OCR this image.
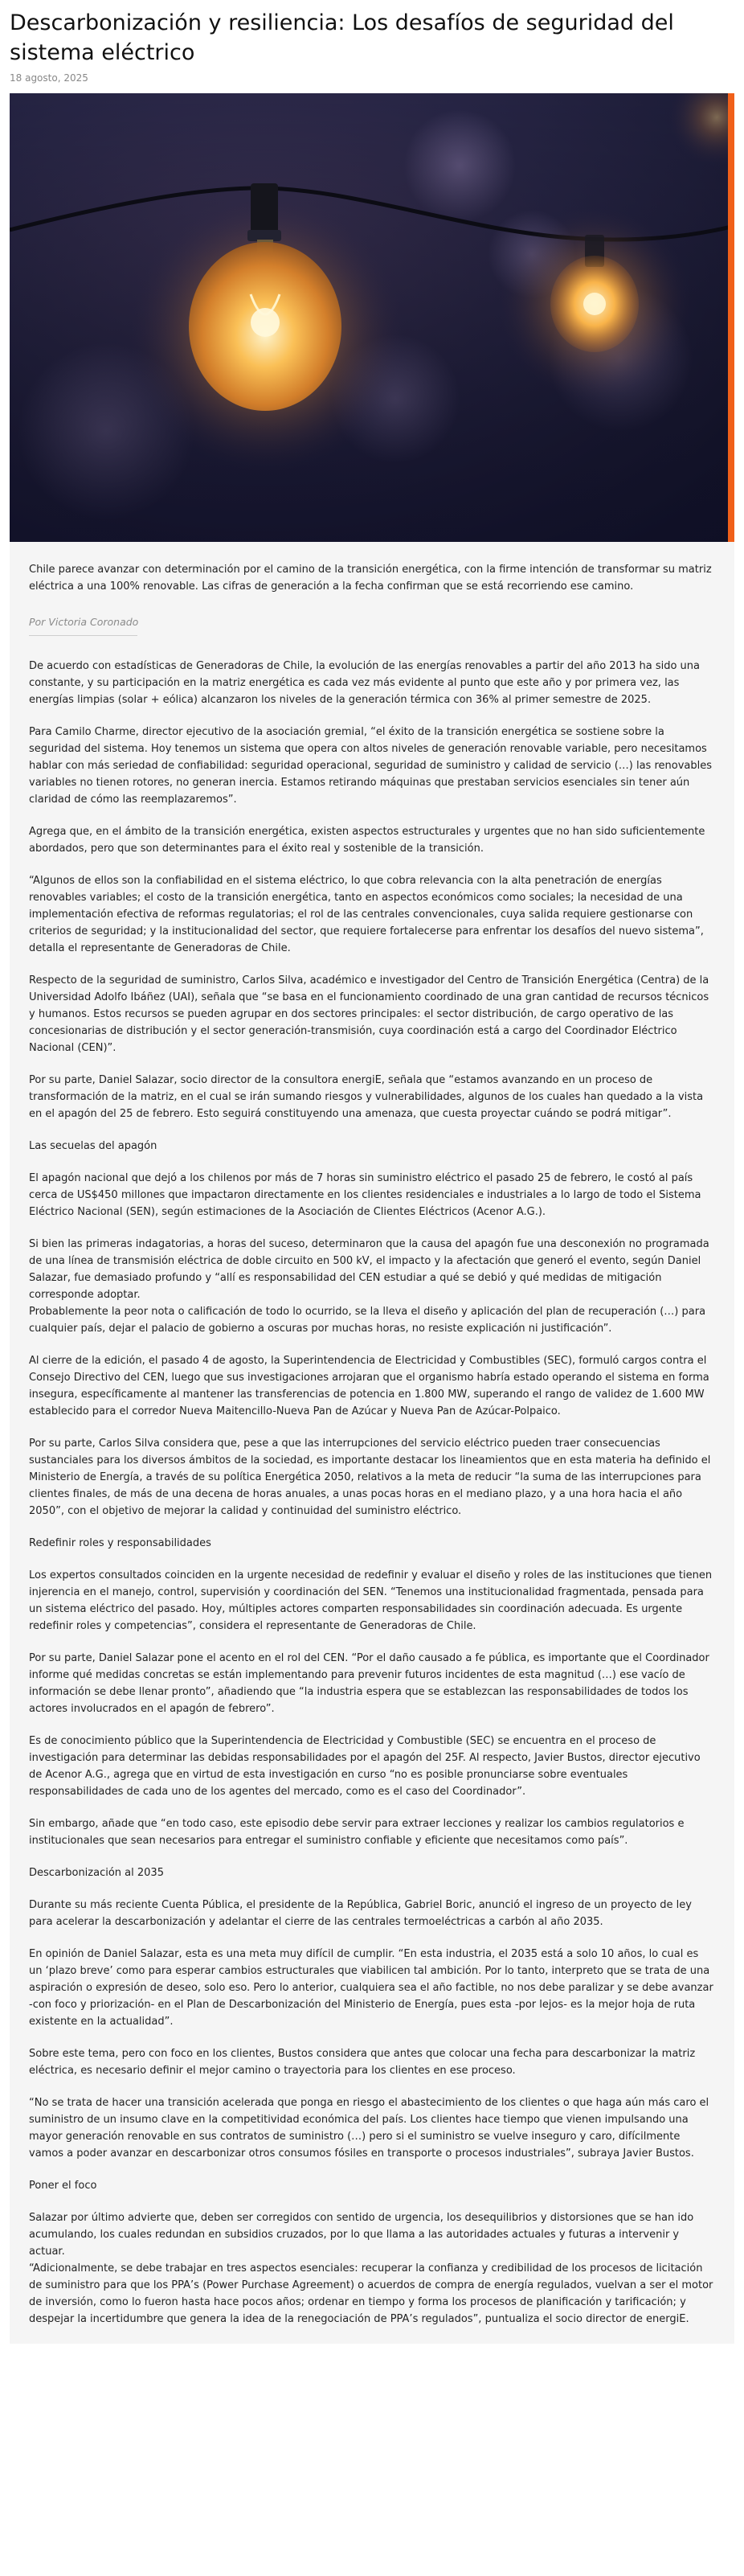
Descarbonización y resiliencia: Los desafíos de seguridad del sistema eléctrico
18 agosto, 2025

Chile parece avanzar con determinación por el camino de la transición energética, con la firme intención de transformar su matriz eléctrica a una 100% renovable. Las cifras de generación a la fecha confirman que se está recorriendo ese camino.

Por Victoria Coronado

De acuerdo con estadísticas de Generadoras de Chile, la evolución de las energías renovables a partir del año 2013 ha sido una constante, y su participación en la matriz energética es cada vez más evidente al punto que este año y por primera vez, las energías limpias (solar + eólica) alcanzaron los niveles de la generación térmica con 36% al primer semestre de 2025.

Para Camilo Charme, director ejecutivo de la asociación gremial, “el éxito de la transición energética se sostiene sobre la seguridad del sistema. Hoy tenemos un sistema que opera con altos niveles de generación renovable variable, pero necesitamos hablar con más seriedad de confiabilidad: seguridad operacional, seguridad de suministro y calidad de servicio (…) las renovables variables no tienen rotores, no generan inercia. Estamos retirando máquinas que prestaban servicios esenciales sin tener aún claridad de cómo las reemplazaremos”.

Agrega que, en el ámbito de la transición energética, existen aspectos estructurales y urgentes que no han sido suficientemente abordados, pero que son determinantes para el éxito real y sostenible de la transición.

“Algunos de ellos son la confiabilidad en el sistema eléctrico, lo que cobra relevancia con la alta penetración de energías renovables variables; el costo de la transición energética, tanto en aspectos económicos como sociales; la necesidad de una implementación efectiva de reformas regulatorias; el rol de las centrales convencionales, cuya salida requiere gestionarse con criterios de seguridad; y la institucionalidad del sector, que requiere fortalecerse para enfrentar los desafíos del nuevo sistema”, detalla el representante de Generadoras de Chile.

Respecto de la seguridad de suministro, Carlos Silva, académico e investigador del Centro de Transición Energética (Centra) de la Universidad Adolfo Ibáñez (UAI), señala que “se basa en el funcionamiento coordinado de una gran cantidad de recursos técnicos y humanos. Estos recursos se pueden agrupar en dos sectores principales: el sector distribución, de cargo operativo de las concesionarias de distribución y el sector generación-transmisión, cuya coordinación está a cargo del Coordinador Eléctrico Nacional (CEN)”.

Por su parte, Daniel Salazar, socio director de la consultora energiE, señala que “estamos avanzando en un proceso de transformación de la matriz, en el cual se irán sumando riesgos y vulnerabilidades, algunos de los cuales han quedado a la vista en el apagón del 25 de febrero. Esto seguirá constituyendo una amenaza, que cuesta proyectar cuándo se podrá mitigar”.

Las secuelas del apagón

El apagón nacional que dejó a los chilenos por más de 7 horas sin suministro eléctrico el pasado 25 de febrero, le costó al país cerca de US$450 millones que impactaron directamente en los clientes residenciales e industriales a lo largo de todo el Sistema Eléctrico Nacional (SEN), según estimaciones de la Asociación de Clientes Eléctricos (Acenor A.G.).

Si bien las primeras indagatorias, a horas del suceso, determinaron que la causa del apagón fue una desconexión no programada de una línea de transmisión eléctrica de doble circuito en 500 kV, el impacto y la afectación que generó el evento, según Daniel Salazar, fue demasiado profundo y “allí es responsabilidad del CEN estudiar a qué se debió y qué medidas de mitigación corresponde adoptar.

Probablemente la peor nota o calificación de todo lo ocurrido, se la lleva el diseño y aplicación del plan de recuperación (…) para cualquier país, dejar el palacio de gobierno a oscuras por muchas horas, no resiste explicación ni justificación”.

Al cierre de la edición, el pasado 4 de agosto, la Superintendencia de Electricidad y Combustibles (SEC), formuló cargos contra el Consejo Directivo del CEN, luego que sus investigaciones arrojaran que el organismo habría estado operando el sistema en forma insegura, específicamente al mantener las transferencias de potencia en 1.800 MW, superando el rango de validez de 1.600 MW establecido para el corredor Nueva Maitencillo-Nueva Pan de Azúcar y Nueva Pan de Azúcar-Polpaico.

Por su parte, Carlos Silva considera que, pese a que las interrupciones del servicio eléctrico pueden traer consecuencias sustanciales para los diversos ámbitos de la sociedad, es importante destacar los lineamientos que en esta materia ha definido el Ministerio de Energía, a través de su política Energética 2050, relativos a la meta de reducir “la suma de las interrupciones para clientes finales, de más de una decena de horas anuales, a unas pocas horas en el mediano plazo, y a una hora hacia el año 2050”, con el objetivo de mejorar la calidad y continuidad del suministro eléctrico.

Redefinir roles y responsabilidades

Los expertos consultados coinciden en la urgente necesidad de redefinir y evaluar el diseño y roles de las instituciones que tienen injerencia en el manejo, control, supervisión y coordinación del SEN. “Tenemos una institucionalidad fragmentada, pensada para un sistema eléctrico del pasado. Hoy, múltiples actores comparten responsabilidades sin coordinación adecuada. Es urgente redefinir roles y competencias”, considera el representante de Generadoras de Chile.

Por su parte, Daniel Salazar pone el acento en el rol del CEN. “Por el daño causado a fe pública, es importante que el Coordinador informe qué medidas concretas se están implementando para prevenir futuros incidentes de esta magnitud (…) ese vacío de información se debe llenar pronto”, añadiendo que “la industria espera que se establezcan las responsabilidades de todos los actores involucrados en el apagón de febrero”.

Es de conocimiento público que la Superintendencia de Electricidad y Combustible (SEC) se encuentra en el proceso de investigación para determinar las debidas responsabilidades por el apagón del 25F. Al respecto, Javier Bustos, director ejecutivo de Acenor A.G., agrega que en virtud de esta investigación en curso “no es posible pronunciarse sobre eventuales responsabilidades de cada uno de los agentes del mercado, como es el caso del Coordinador”.

Sin embargo, añade que “en todo caso, este episodio debe servir para extraer lecciones y realizar los cambios regulatorios e institucionales que sean necesarios para entregar el suministro confiable y eficiente que necesitamos como país”.

Descarbonización al 2035

Durante su más reciente Cuenta Pública, el presidente de la República, Gabriel Boric, anunció el ingreso de un proyecto de ley para acelerar la descarbonización y adelantar el cierre de las centrales termoeléctricas a carbón al año 2035.

En opinión de Daniel Salazar, esta es una meta muy difícil de cumplir. “En esta industria, el 2035 está a solo 10 años, lo cual es un ‘plazo breve’ como para esperar cambios estructurales que viabilicen tal ambición. Por lo tanto, interpreto que se trata de una aspiración o expresión de deseo, solo eso. Pero lo anterior, cualquiera sea el año factible, no nos debe paralizar y se debe avanzar -con foco y priorización- en el Plan de Descarbonización del Ministerio de Energía, pues esta -por lejos- es la mejor hoja de ruta existente en la actualidad”.

Sobre este tema, pero con foco en los clientes, Bustos considera que antes que colocar una fecha para descarbonizar la matriz eléctrica, es necesario definir el mejor camino o trayectoria para los clientes en ese proceso.

“No se trata de hacer una transición acelerada que ponga en riesgo el abastecimiento de los clientes o que haga aún más caro el suministro de un insumo clave en la competitividad económica del país. Los clientes hace tiempo que vienen impulsando una mayor generación renovable en sus contratos de suministro (…) pero si el suministro se vuelve inseguro y caro, difícilmente vamos a poder avanzar en descarbonizar otros consumos fósiles en transporte o procesos industriales”, subraya Javier Bustos.

Poner el foco

Salazar por último advierte que, deben ser corregidos con sentido de urgencia, los desequilibrios y distorsiones que se han ido acumulando, los cuales redundan en subsidios cruzados, por lo que llama a las autoridades actuales y futuras a intervenir y actuar.

“Adicionalmente, se debe trabajar en tres aspectos esenciales: recuperar la confianza y credibilidad de los procesos de licitación de suministro para que los PPA’s (Power Purchase Agreement) o acuerdos de compra de energía regulados, vuelvan a ser el motor de inversión, como lo fueron hasta hace pocos años; ordenar en tiempo y forma los procesos de planificación y tarificación; y despejar la incertidumbre que genera la idea de la renegociación de PPA’s regulados”, puntualiza el socio director de energiE.
